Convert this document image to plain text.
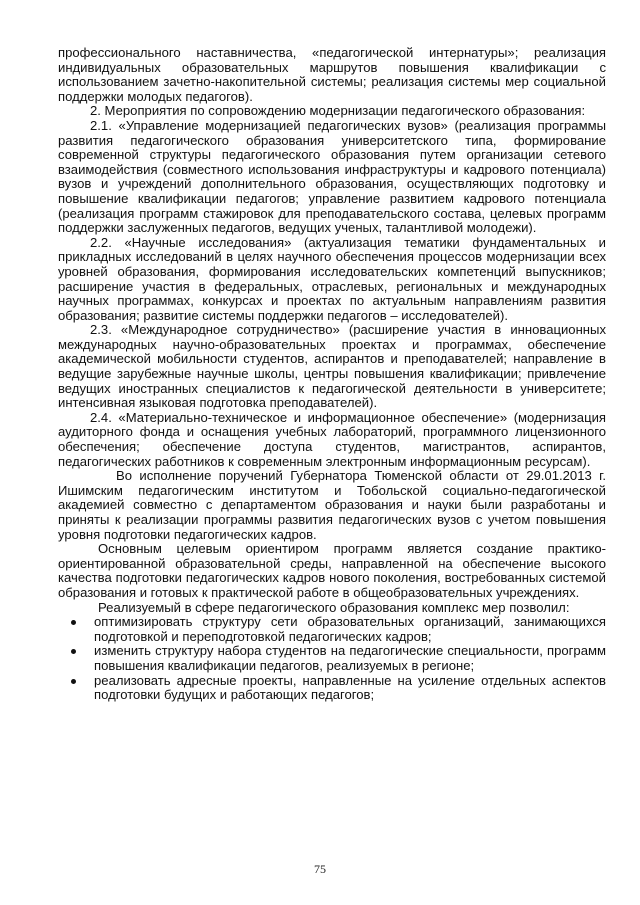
профессионального наставничества, «педагогической интернатуры»; реализация индивидуальных образовательных маршрутов повышения квалификации с использованием зачетно-накопительной системы; реализация системы мер социальной поддержки молодых педагогов).

2. Мероприятия по сопровождению модернизации педагогического образования:

2.1. «Управление модернизацией педагогических вузов» (реализация программы развития педагогического образования университетского типа, формирование современной структуры педагогического образования путем организации сетевого взаимодействия (совместного использования инфраструктуры и кадрового потенциала) вузов и учреждений дополнительного образования, осуществляющих подготовку и повышение квалификации педагогов; управление развитием кадрового потенциала (реализация программ стажировок для преподавательского состава, целевых программ поддержки заслуженных педагогов, ведущих ученых, талантливой молодежи).

2.2. «Научные исследования» (актуализация тематики фундаментальных и прикладных исследований в целях научного обеспечения процессов модернизации всех уровней образования, формирования исследовательских компетенций выпускников; расширение участия в федеральных, отраслевых, региональных и международных научных программах, конкурсах и проектах по актуальным направлениям развития образования; развитие системы поддержки педагогов – исследователей).

2.3. «Международное сотрудничество» (расширение участия в инновационных международных научно-образовательных проектах и программах, обеспечение академической мобильности студентов, аспирантов и преподавателей; направление в ведущие зарубежные научные школы, центры повышения квалификации; привлечение ведущих иностранных специалистов к педагогической деятельности в университете; интенсивная языковая подготовка преподавателей).

2.4. «Материально-техническое и информационное обеспечение» (модернизация аудиторного фонда и оснащения учебных лабораторий, программного лицензионного обеспечения; обеспечение доступа студентов, магистрантов, аспирантов, педагогических работников к современным электронным информационным ресурсам).

Во исполнение поручений Губернатора Тюменской области от 29.01.2013 г. Ишимским педагогическим институтом и Тобольской социально-педагогической академией совместно с департаментом образования и науки были разработаны и приняты к реализации программы развития педагогических вузов с учетом повышения уровня подготовки педагогических кадров.

Основным целевым ориентиром программ является создание практико-ориентированной образовательной среды, направленной на обеспечение высокого качества подготовки педагогических кадров нового поколения, востребованных системой образования и готовых к практической работе в общеобразовательных учреждениях.

Реализуемый в сфере педагогического образования комплекс мер позволил:

оптимизировать структуру сети образовательных организаций, занимающихся подготовкой и переподготовкой педагогических кадров;
изменить структуру набора студентов на педагогические специальности, программ повышения квалификации педагогов, реализуемых в регионе;
реализовать адресные проекты, направленные на усиление отдельных аспектов подготовки будущих и работающих педагогов;
75
